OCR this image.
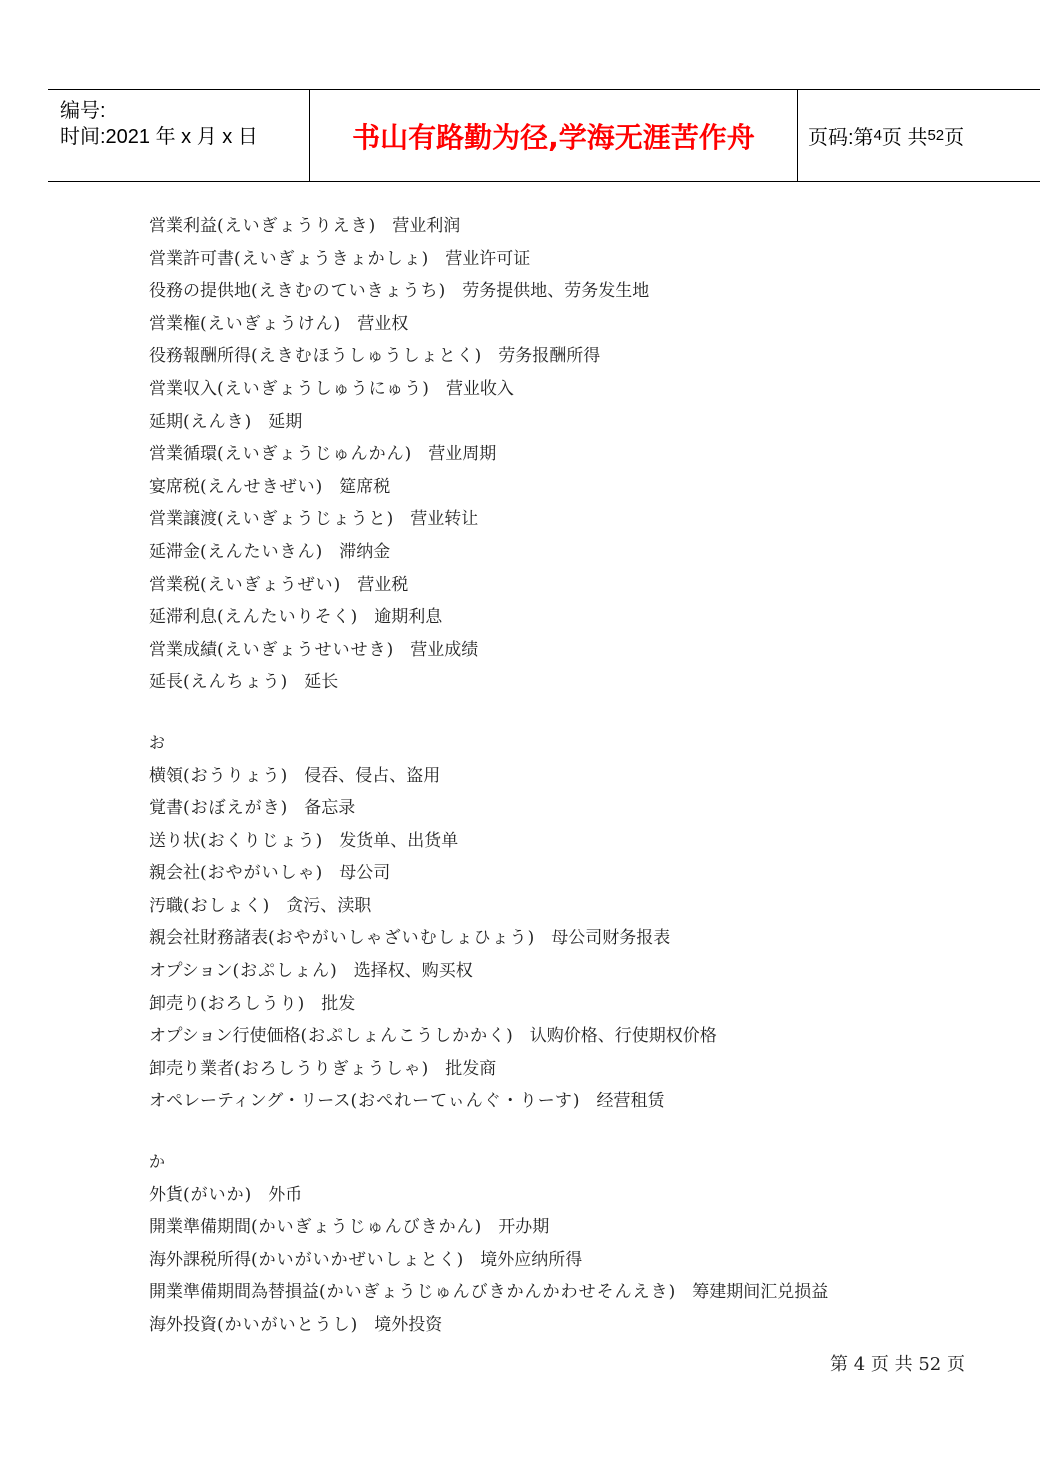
编号:
时间:2021 年 x 月 x 日	书山有路勤为径,学海无涯苦作舟	页码:第 4 页 共 52 页
営業利益(えいぎょうりえき) 营业利润
営業許可書(えいぎょうきょかしょ) 营业许可证
役務の提供地(えきむのていきょうち) 劳务提供地、劳务发生地
営業権(えいぎょうけん) 营业权
役務報酬所得(えきむほうしゅうしょとく) 劳务报酬所得
営業収入(えいぎょうしゅうにゅう) 营业收入
延期(えんき) 延期
営業循環(えいぎょうじゅんかん) 营业周期
宴席税(えんせきぜい) 筵席税
営業譲渡(えいぎょうじょうと) 营业转让
延滞金(えんたいきん) 滞纳金
営業税(えいぎょうぜい) 营业税
延滞利息(えんたいりそく) 逾期利息
営業成績(えいぎょうせいせき) 营业成绩
延長(えんちょう) 延长
お
横領(おうりょう) 侵吞、侵占、盗用
覚書(おぼえがき) 备忘录
送り状(おくりじょう) 发货单、出货单
親会社(おやがいしゃ) 母公司
汚職(おしょく) 贪污、渎职
親会社財務諸表(おやがいしゃざいむしょひょう) 母公司财务报表
オプション(おぷしょん) 选择权、购买权
卸売り(おろしうり) 批发
オプション行使価格(おぷしょんこうしかかく) 认购价格、行使期权价格
卸売り業者(おろしうりぎょうしゃ) 批发商
オペレーティング・リース(おぺれーてぃんぐ・りーす) 经营租赁
か
外貨(がいか) 外币
開業準備期間(かいぎょうじゅんびきかん) 开办期
海外課税所得(かいがいかぜいしょとく) 境外应纳所得
開業準備期間為替損益(かいぎょうじゅんびきかんかわせそんえき) 筹建期间汇兑损益
海外投資(かいがいとうし) 境外投资
第 4 页 共 52 页
